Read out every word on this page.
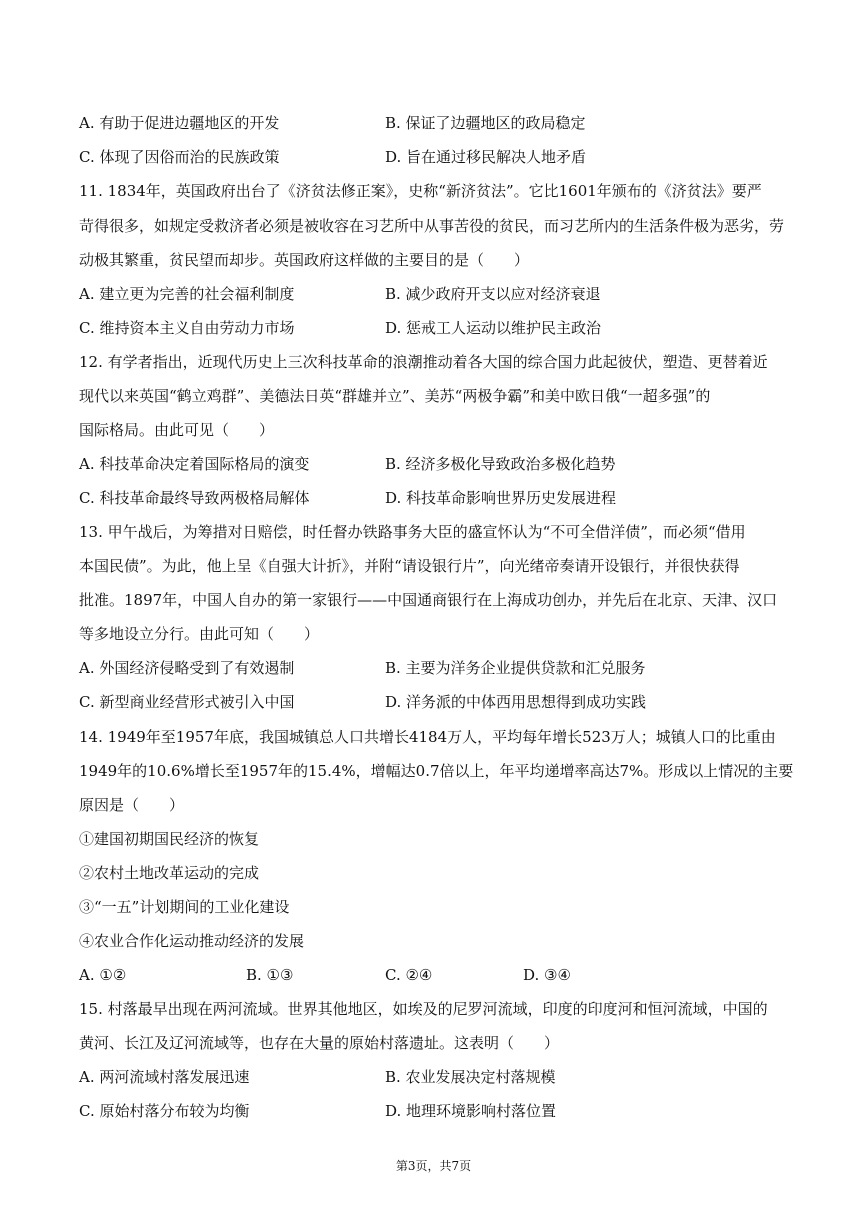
A. 有助于促进边疆地区的开发	B. 保证了边疆地区的政局稳定
C. 体现了因俗而治的民族政策	D. 旨在通过移民解决人地矛盾
11. 1834年，英国政府出台了《济贫法修正案》，史称“新济贫法”。它比1601年颁布的《济贫法》要严
苛得很多，如规定受救济者必须是被收容在习艺所中从事苦役的贫民，而习艺所内的生活条件极为恶劣，劳
动极其繁重，贫民望而却步。英国政府这样做的主要目的是（　　）
A. 建立更为完善的社会福利制度	B. 减少政府开支以应对经济衰退
C. 维持资本主义自由劳动力市场	D. 惩戒工人运动以维护民主政治
12. 有学者指出，近现代历史上三次科技革命的浪潮推动着各大国的综合国力此起彼伏，塑造、更替着近
现代以来英国“鹤立鸡群”、美德法日英“群雄并立”、美苏“两极争霸”和美中欧日俄“一超多强”的
国际格局。由此可见（　　）
A. 科技革命决定着国际格局的演变	B. 经济多极化导致政治多极化趋势
C. 科技革命最终导致两极格局解体	D. 科技革命影响世界历史发展进程
13. 甲午战后，为筹措对日赔偿，时任督办铁路事务大臣的盛宣怀认为“不可全借洋债”，而必须“借用
本国民债”。为此，他上呈《自强大计折》，并附“请设银行片”，向光绪帝奏请开设银行，并很快获得
批准。1897年，中国人自办的第一家银行——中国通商银行在上海成功创办，并先后在北京、天津、汉口
等多地设立分行。由此可知（　　）
A. 外国经济侵略受到了有效遏制	B. 主要为洋务企业提供贷款和汇兑服务
C. 新型商业经营形式被引入中国	D. 洋务派的中体西用思想得到成功实践
14. 1949年至1957年底，我国城镇总人口共增长4184万人，平均每年增长523万人；城镇人口的比重由
1949年的10.6%增长至1957年的15.4%，增幅达0.7倍以上，年平均递增率高达7%。形成以上情况的主要
原因是（　　）
①建国初期国民经济的恢复
②农村土地改革运动的完成
③“一五”计划期间的工业化建设
④农业合作化运动推动经济的发展
A. ①②	B. ①③	C. ②④	D. ③④
15. 村落最早出现在两河流域。世界其他地区，如埃及的尼罗河流域，印度的印度河和恒河流域，中国的
黄河、长江及辽河流域等，也存在大量的原始村落遗址。这表明（　　）
A. 两河流域村落发展迅速	B. 农业发展决定村落规模
C. 原始村落分布较为均衡	D. 地理环境影响村落位置
第3页，共7页
